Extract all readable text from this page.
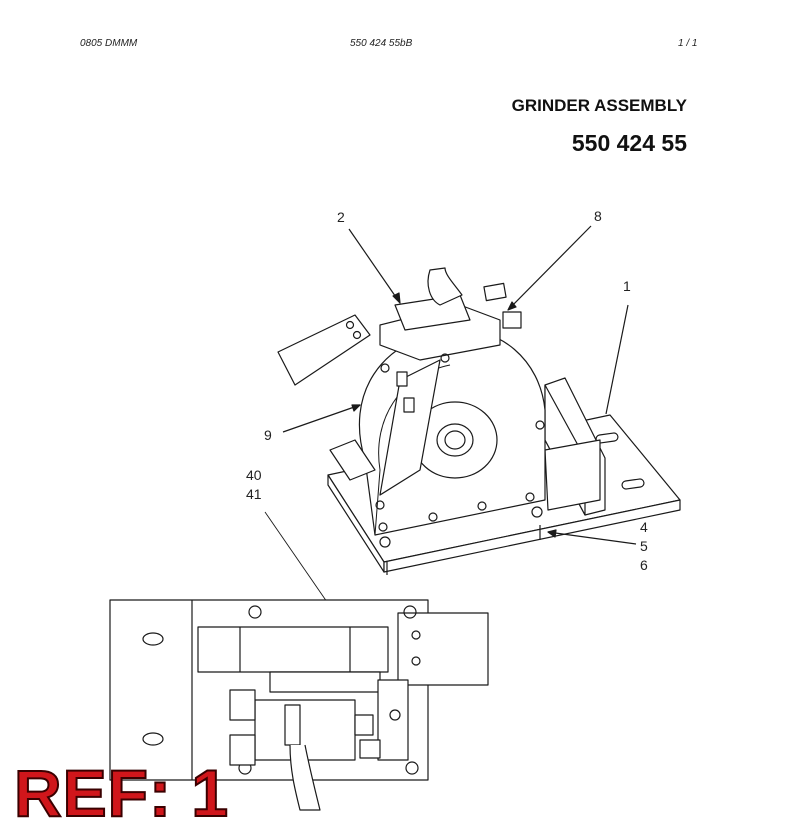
0805 DMMM	550 424 55bB	1 / 1
GRINDER ASSEMBLY
550 424 55
2	8
1
9
40
41
4
5
6
REF: 1
